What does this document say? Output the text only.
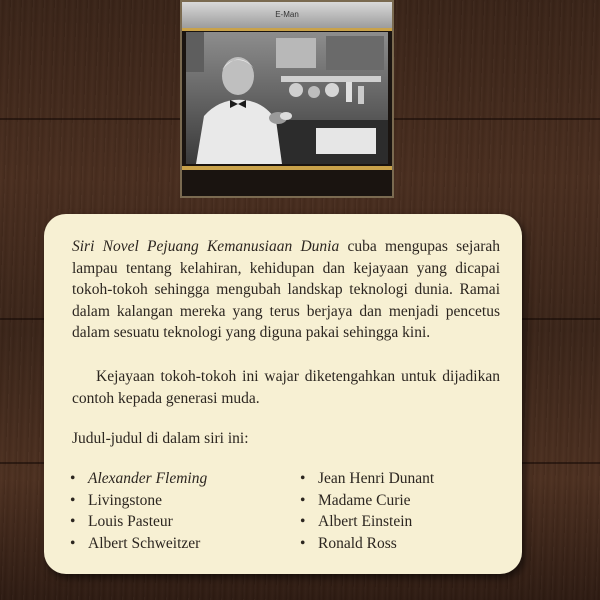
E-Man

Siri Novel Pejuang Kemanusiaan Dunia cuba mengupas sejarah lampau tentang kelahiran, kehidupan dan kejayaan yang dicapai tokoh-tokoh sehingga mengubah landskap teknologi dunia. Ramai dalam kalangan mereka yang terus berjaya dan menjadi pencetus dalam sesuatu teknologi yang diguna pakai sehingga kini.

Kejayaan tokoh-tokoh ini wajar diketengahkan untuk dijadikan contoh kepada generasi muda.

Judul-judul di dalam siri ini:
• Alexander Fleming
• Livingstone
• Louis Pasteur
• Albert Schweitzer
• Jean Henri Dunant
• Madame Curie
• Albert Einstein
• Ronald Ross
